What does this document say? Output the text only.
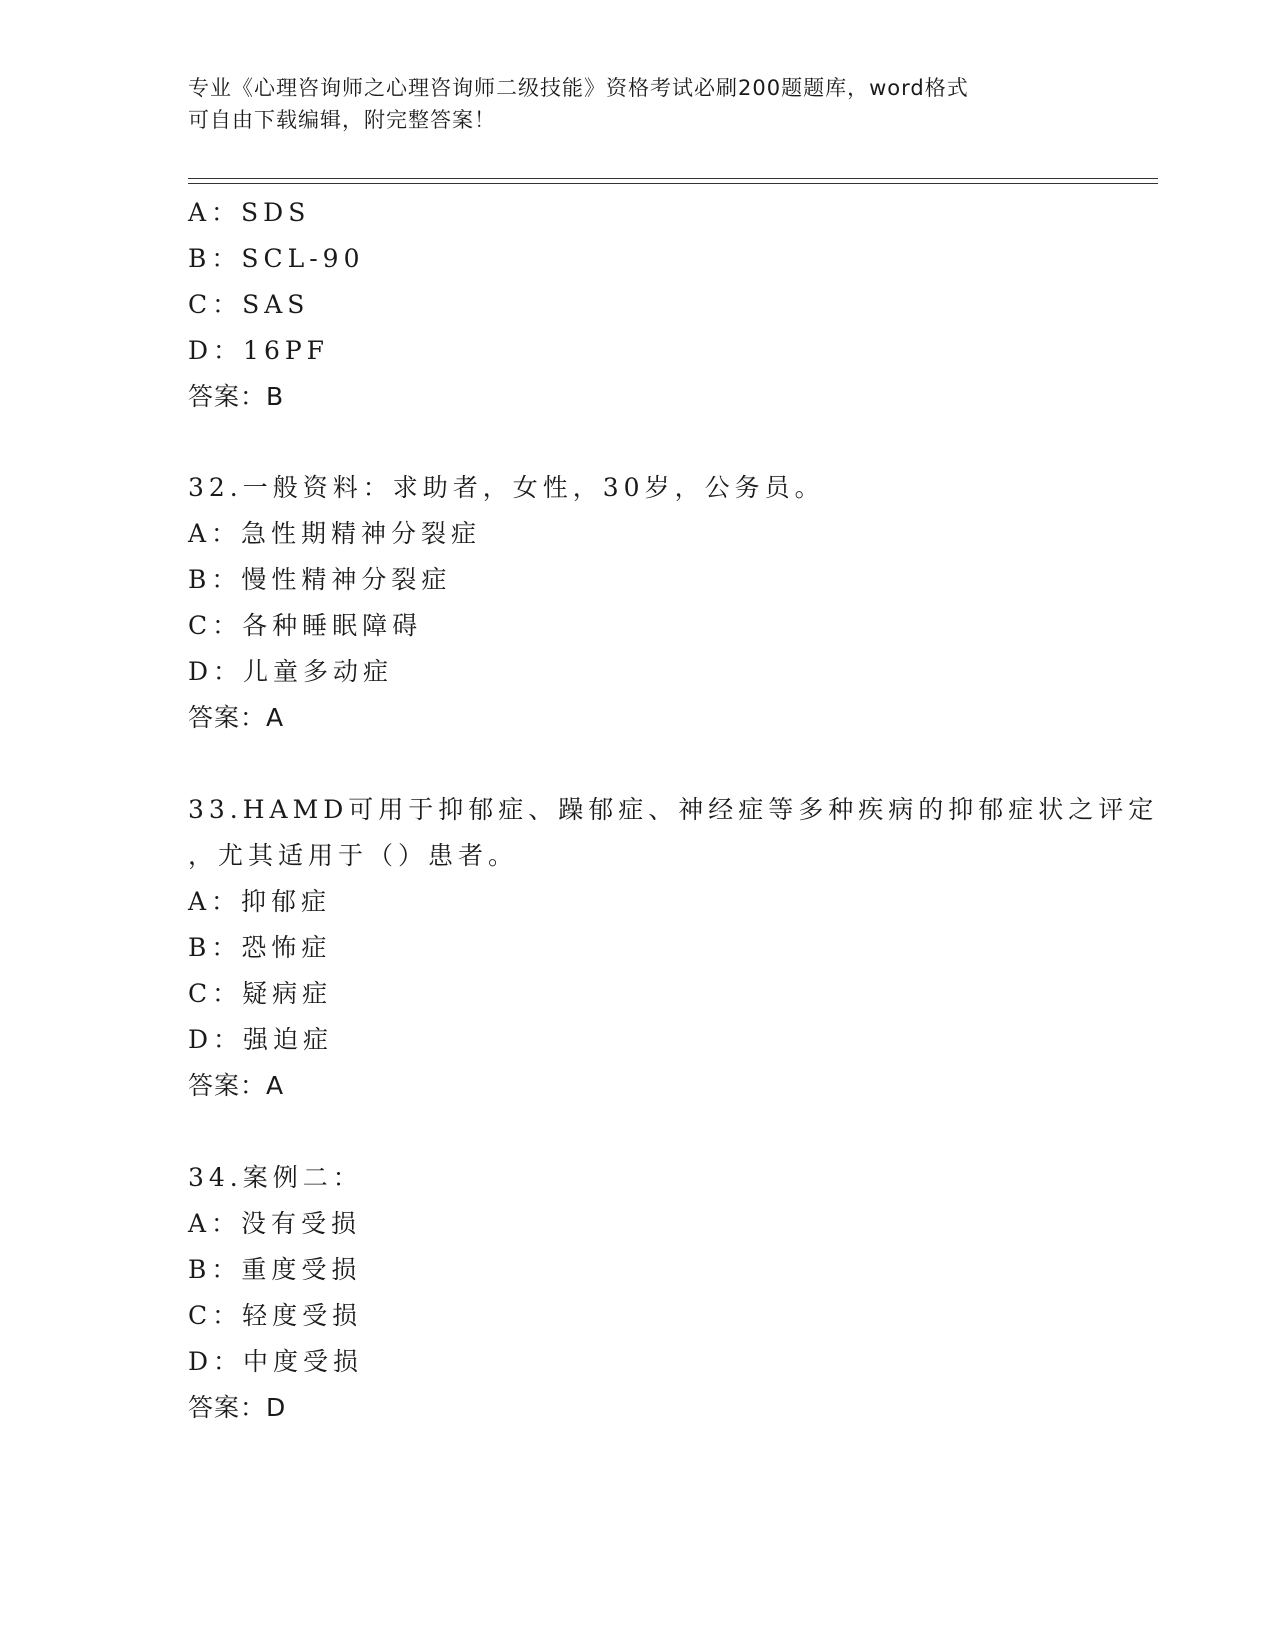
专业《心理咨询师之心理咨询师二级技能》资格考试必刷200题题库，word格式
可自由下载编辑，附完整答案！
A：SDS
B：SCL-90
C：SAS
D：16PF
答案：B
32.一般资料：求助者，女性，30岁，公务员。
A：急性期精神分裂症
B：慢性精神分裂症
C：各种睡眠障碍
D：儿童多动症
答案：A
33.HAMD可用于抑郁症、躁郁症、神经症等多种疾病的抑郁症状之评定
，尤其适用于（）患者。
A：抑郁症
B：恐怖症
C：疑病症
D：强迫症
答案：A
34.案例二：
A：没有受损
B：重度受损
C：轻度受损
D：中度受损
答案：D
